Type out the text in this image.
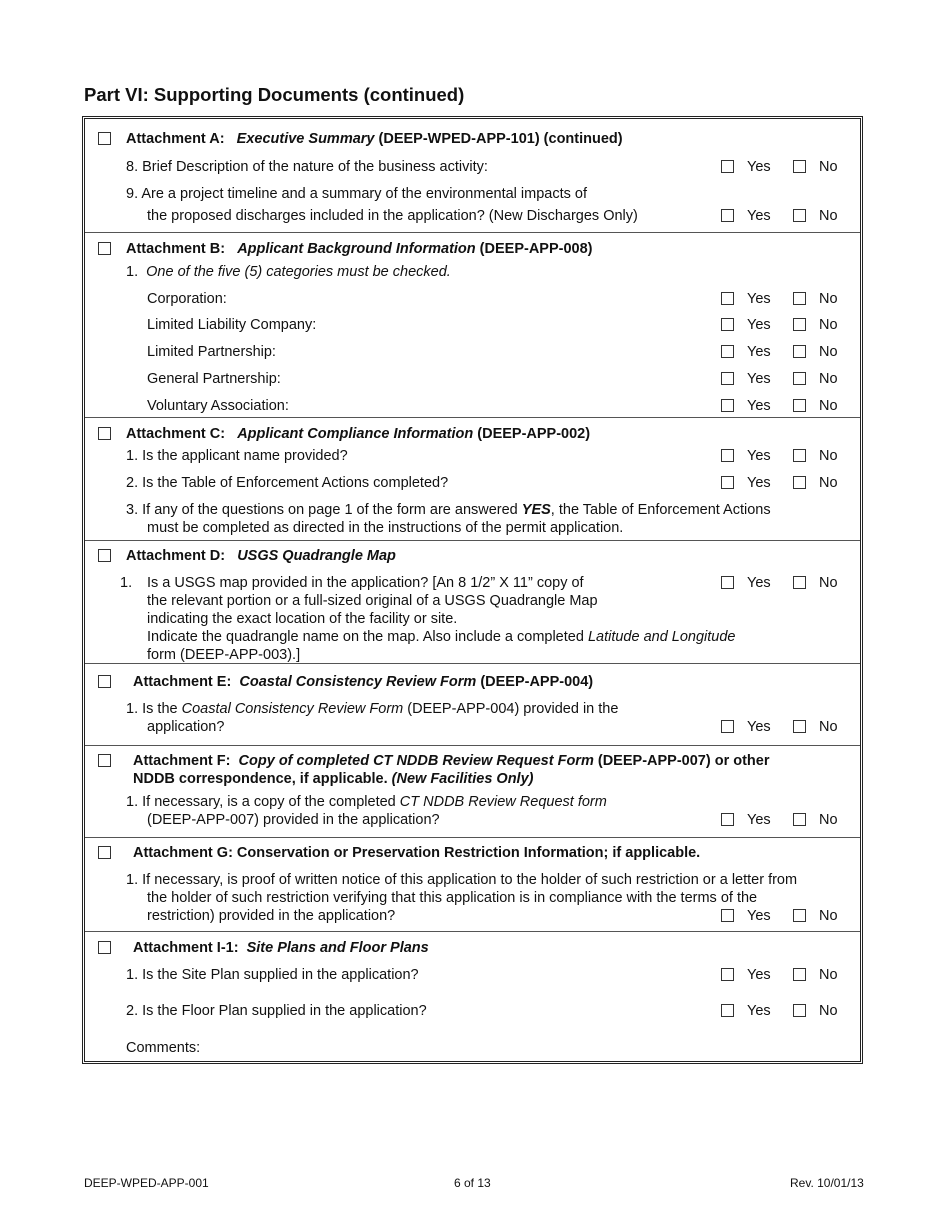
Part VI: Supporting Documents (continued)
Attachment A: Executive Summary (DEEP-WPED-APP-101) (continued)
8. Brief Description of the nature of the business activity:	Yes	No
9. Are a project timeline and a summary of the environmental impacts of
the proposed discharges included in the application? (New Discharges Only)	Yes	No
Attachment B: Applicant Background Information (DEEP-APP-008)
1. One of the five (5) categories must be checked.
Corporation:	Yes	No
Limited Liability Company:	Yes	No
Limited Partnership:	Yes	No
General Partnership:	Yes	No
Voluntary Association:	Yes	No
Attachment C: Applicant Compliance Information (DEEP-APP-002)
1. Is the applicant name provided?	Yes	No
2. Is the Table of Enforcement Actions completed?	Yes	No
3. If any of the questions on page 1 of the form are answered YES, the Table of Enforcement Actions
must be completed as directed in the instructions of the permit application.
Attachment D: USGS Quadrangle Map
1. Is a USGS map provided in the application? [An 8 1/2” X 11” copy of	Yes	No
the relevant portion or a full-sized original of a USGS Quadrangle Map
indicating the exact location of the facility or site.
Indicate the quadrangle name on the map. Also include a completed Latitude and Longitude
form (DEEP-APP-003).]
Attachment E: Coastal Consistency Review Form (DEEP-APP-004)
1. Is the Coastal Consistency Review Form (DEEP-APP-004) provided in the
application?	Yes	No
Attachment F: Copy of completed CT NDDB Review Request Form (DEEP-APP-007) or other
NDDB correspondence, if applicable. (New Facilities Only)
1. If necessary, is a copy of the completed CT NDDB Review Request form
(DEEP-APP-007) provided in the application?	Yes	No
Attachment G: Conservation or Preservation Restriction Information; if applicable.
1. If necessary, is proof of written notice of this application to the holder of such restriction or a letter from
the holder of such restriction verifying that this application is in compliance with the terms of the
restriction) provided in the application?	Yes	No
Attachment I-1: Site Plans and Floor Plans
1. Is the Site Plan supplied in the application?	Yes	No
2. Is the Floor Plan supplied in the application?	Yes	No
Comments:
DEEP-WPED-APP-001	6 of 13	Rev. 10/01/13
